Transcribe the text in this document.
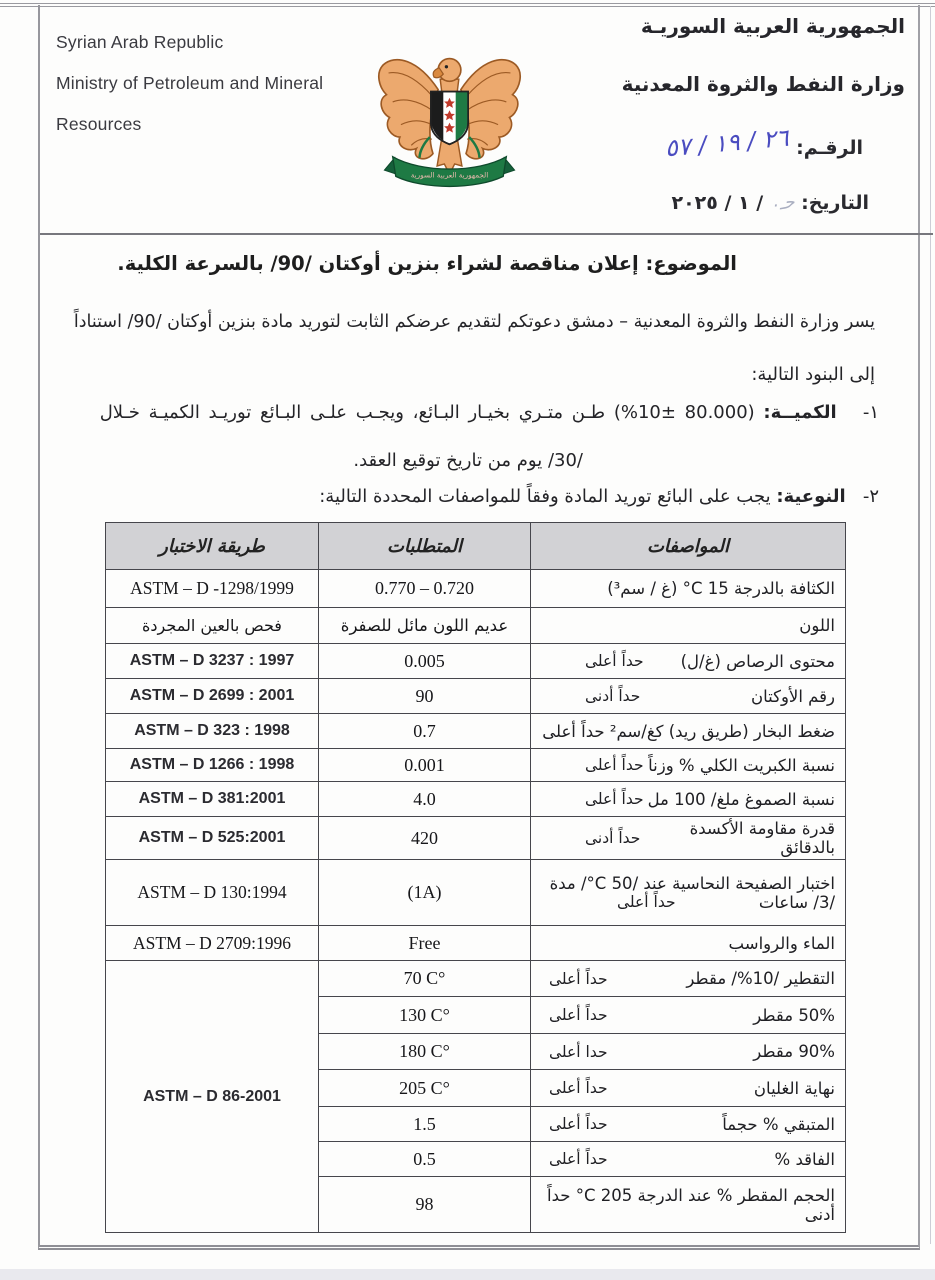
Syrian Arab Republic
Ministry of Petroleum and Mineral
Resources
الجمهورية العربية السورية
الجمهورية العربية السوريـة
وزارة النفط والثروة المعدنية
الرقـم: ٢٦ / ١٩ / ٥٧
التاريخ: حـ٠ / ١ / ٢٠٢٥
الموضوع: إعلان مناقصة لشراء بنزين أوكتان /90/ بالسرعة الكلية.
يسر وزارة النفط والثروة المعدنية – دمشق دعوتكم لتقديم عرضكم الثابت لتوريد مادة بنزين أوكتان /90/ استناداً
إلى البنود التالية:
١-   الكميــة: (80.000 ±10%) طـن متـري بخيـار البـائع، ويجـب علـى البـائع توريـد الكميـة خـلال
/30/ يوم من تاريخ توقيع العقد.
٢-   النوعية: يجب على البائع توريد المادة وفقاً للمواصفات المحددة التالية:
المواصفات	المتطلبات	طريقة الاختبار

الكثافة بالدرجة 15 C° (غ / سم³)	0.770 – 0.720	ASTM – D -1298/1999

اللون	عديم اللون مائل للصفرة	فحص بالعين المجردة

محتوى الرصاص (غ/ل)
حداً أعلى	0.005	ASTM – D 3237 : 1997

رقم الأوكتان
حداً أدنى	90	ASTM – D 2699 : 2001

ضغط البخار (طريق ريد) كغ/سم² حداً أعلى	0.7	ASTM – D 323 : 1998

نسبة الكبريت الكلي % وزناً
حداً أعلى	0.001	ASTM – D 1266 : 1998

نسبة الصموغ ملغ/ 100 مل
حداً أعلى	4.0	ASTM – D 381:2001

قدرة مقاومة الأكسدة بالدقائق
حداً أدنى	420	ASTM – D 525:2001

اختبار الصفيحة النحاسية عند /50 C°/ مدة
/3/ ساعات
حداً أعلى	(1A)	ASTM – D 130:1994

الماء والرواسب	Free	ASTM – D 2709:1996

التقطير /10%/ مقطر
حداً أعلى	70 C°	ASTM – D 86-2001

50% مقطر
حداً أعلى	130 C°	

90% مقطر
حدا أعلى	180 C°	

نهاية الغليان
حداً أعلى	205 C°	

المتبقي % حجماً
حداً أعلى	1.5	

الفاقد %
حداً أعلى	0.5	

الحجم المقطر % عند الدرجة 205 C° حداً أدنى	98	
